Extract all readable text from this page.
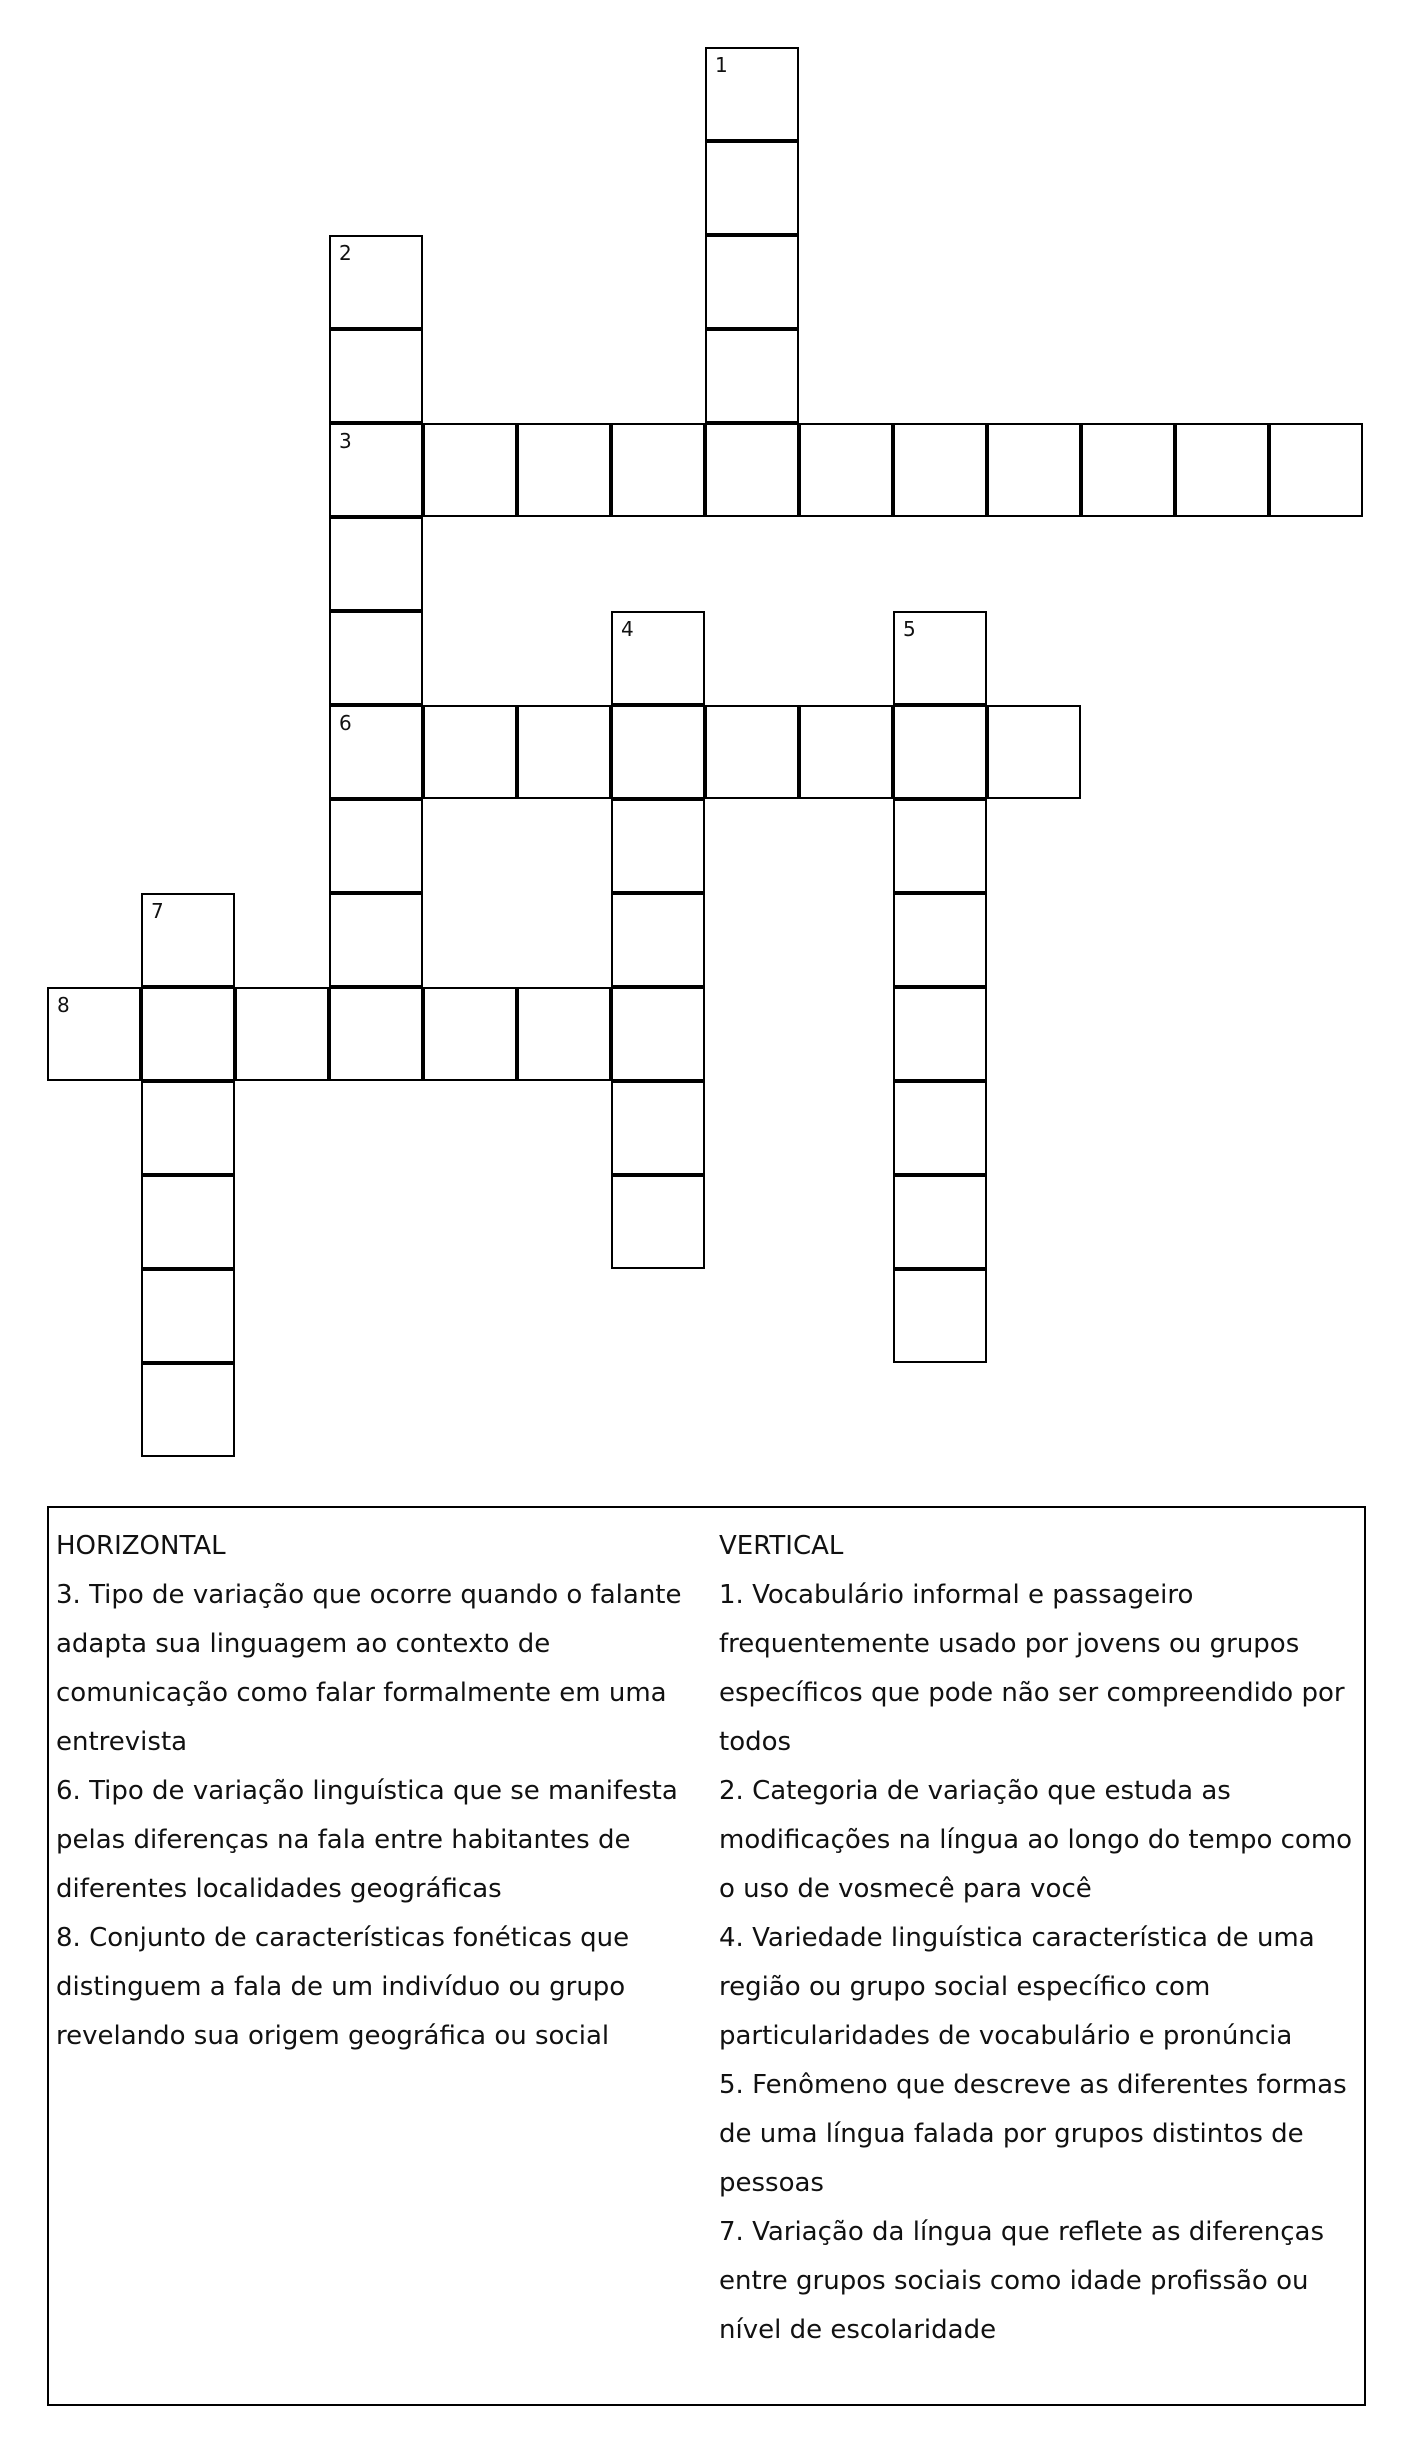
1
2
3
6
4	5
7
8

HORIZONTAL

3. Tipo de variação que ocorre quando o falante adapta sua linguagem ao contexto de comunicação como falar formalmente em uma entrevista

6. Tipo de variação linguística que se manifesta pelas diferenças na fala entre habitantes de diferentes localidades geográficas

8. Conjunto de características fonéticas que distinguem a fala de um indivíduo ou grupo revelando sua origem geográfica ou social

VERTICAL

1. Vocabulário informal e passageiro frequentemente usado por jovens ou grupos específicos que pode não ser compreendido por todos

2. Categoria de variação que estuda as modificações na língua ao longo do tempo como o uso de vosmecê para você

4. Variedade linguística característica de uma região ou grupo social específico com particularidades de vocabulário e pronúncia

5. Fenômeno que descreve as diferentes formas de uma língua falada por grupos distintos de pessoas

7. Variação da língua que reflete as diferenças entre grupos sociais como idade profissão ou nível de escolaridade
